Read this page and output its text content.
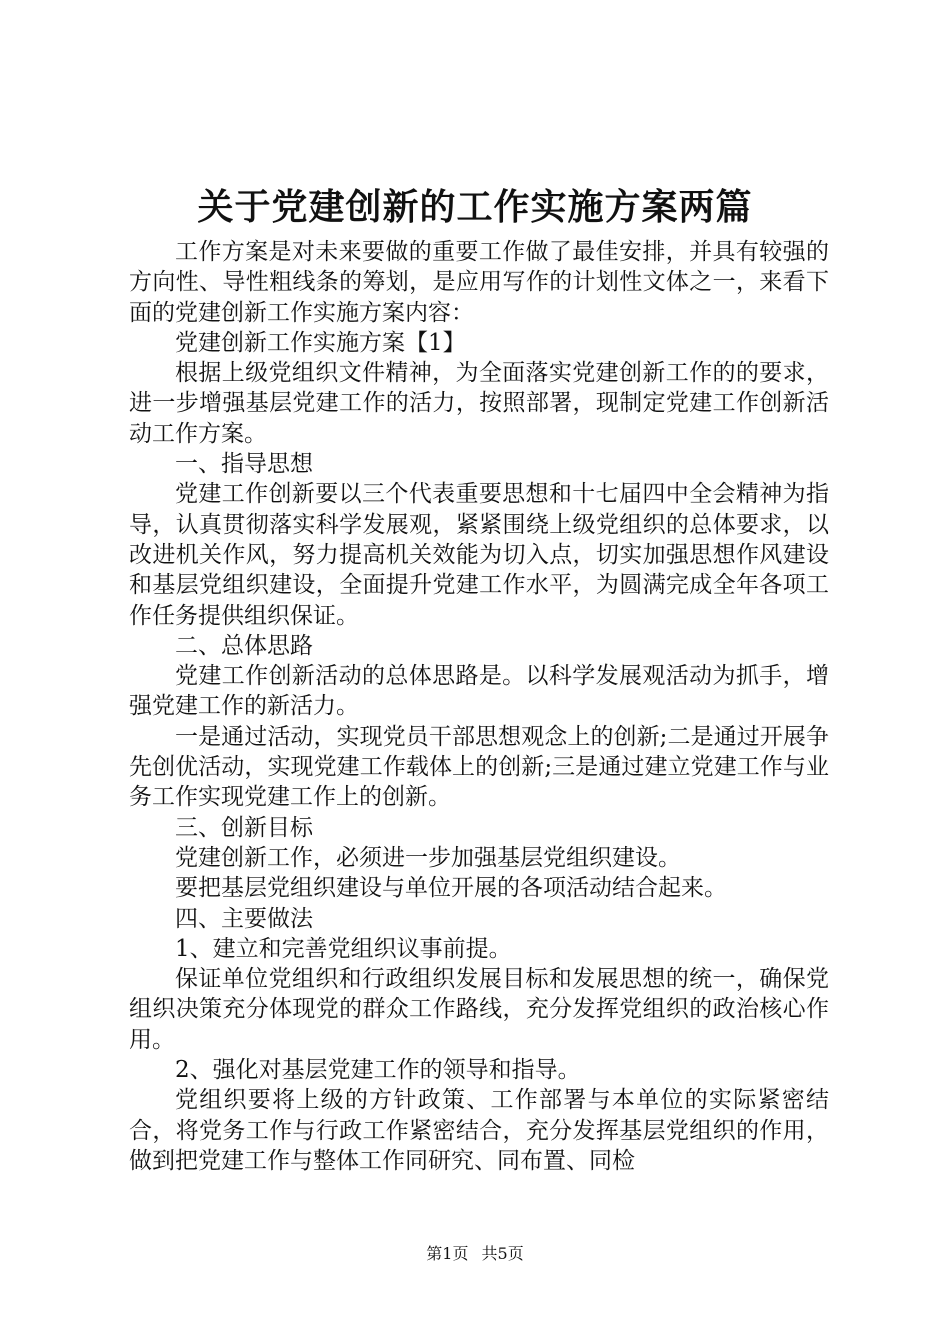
关于党建创新的工作实施方案两篇

工作方案是对未来要做的重要工作做了最佳安排，并具有较强的方向性、导性粗线条的筹划，是应用写作的计划性文体之一，来看下面的党建创新工作实施方案内容：

党建创新工作实施方案【1】

根据上级党组织文件精神，为全面落实党建创新工作的的要求，进一步增强基层党建工作的活力，按照部署，现制定党建工作创新活动工作方案。

一、指导思想

党建工作创新要以三个代表重要思想和十七届四中全会精神为指导，认真贯彻落实科学发展观，紧紧围绕上级党组织的总体要求，以改进机关作风，努力提高机关效能为切入点，切实加强思想作风建设和基层党组织建设，全面提升党建工作水平，为圆满完成全年各项工作任务提供组织保证。

二、总体思路

党建工作创新活动的总体思路是。以科学发展观活动为抓手，增强党建工作的新活力。

一是通过活动，实现党员干部思想观念上的创新;二是通过开展争先创优活动，实现党建工作载体上的创新;三是通过建立党建工作与业务工作实现党建工作上的创新。

三、创新目标

党建创新工作，必须进一步加强基层党组织建设。

要把基层党组织建设与单位开展的各项活动结合起来。

四、主要做法

1、建立和完善党组织议事前提。

保证单位党组织和行政组织发展目标和发展思想的统一，确保党组织决策充分体现党的群众工作路线，充分发挥党组织的政治核心作用。

2、强化对基层党建工作的领导和指导。

党组织要将上级的方针政策、工作部署与本单位的实际紧密结合，将党务工作与行政工作紧密结合，充分发挥基层党组织的作用，做到把党建工作与整体工作同研究、同布置、同检

第1页 共5页
